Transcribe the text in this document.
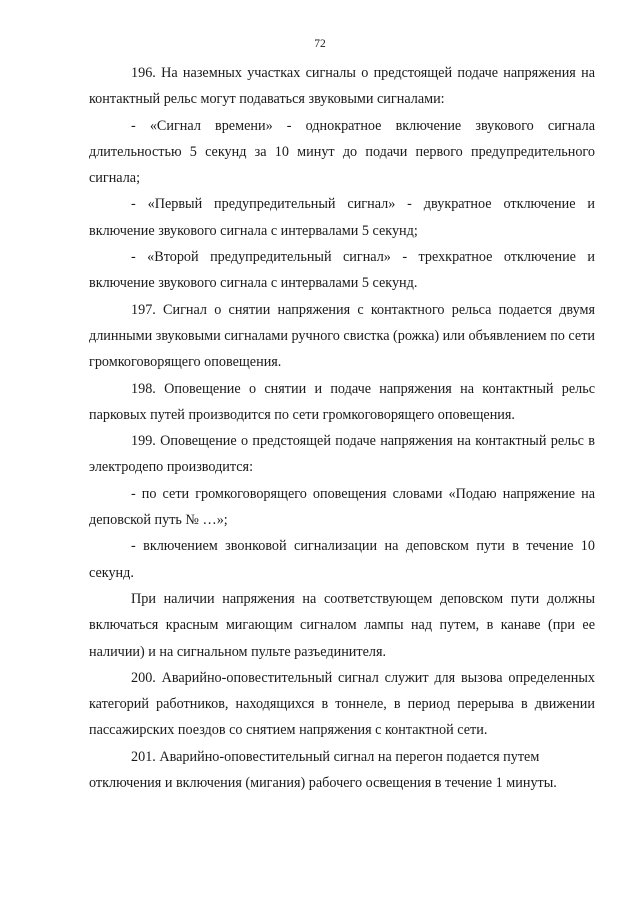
72

196. На наземных участках сигналы о предстоящей подаче напряжения на контактный рельс могут подаваться звуковыми сигналами:

- «Сигнал времени» - однократное включение звукового сигнала длительностью 5 секунд за 10 минут до подачи первого предупредительного сигнала;

- «Первый предупредительный сигнал» - двукратное отключение и включение звукового сигнала с интервалами 5 секунд;

- «Второй предупредительный сигнал» - трехкратное отключение и включение звукового сигнала с интервалами 5 секунд.

197. Сигнал о снятии напряжения с контактного рельса подается двумя длинными звуковыми сигналами ручного свистка (рожка) или объявлением по сети громкоговорящего оповещения.

198. Оповещение о снятии и подаче напряжения на контактный рельс парковых путей производится по сети громкоговорящего оповещения.

199. Оповещение о предстоящей подаче напряжения на контактный рельс в электродепо производится:

- по сети громкоговорящего оповещения словами «Подаю напряжение на деповской путь № …»;

- включением звонковой сигнализации на деповском пути в течение 10 секунд.

При наличии напряжения на соответствующем деповском пути должны включаться красным мигающим сигналом лампы над путем, в канаве (при ее наличии) и на сигнальном пульте разъединителя.

200. Аварийно-оповестительный сигнал служит для вызова определенных категорий работников, находящихся в тоннеле, в период перерыва в движении пассажирских поездов со снятием напряжения с контактной сети.

201. Аварийно-оповестительный сигнал на перегон подается путем отключения и включения (мигания) рабочего освещения в течение 1 минуты.
